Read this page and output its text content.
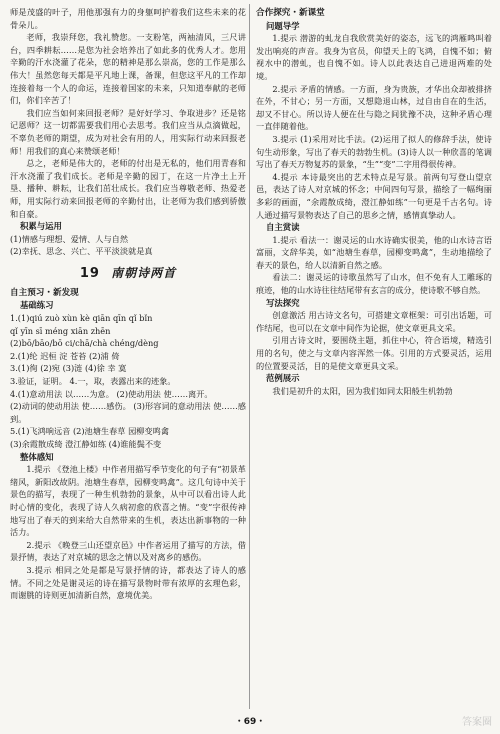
师是茂盛的叶子，用他那强有力的身躯呵护着我们这些未来的花骨朵儿。

老师，我崇拜您，我礼赞您。一支粉笔，两袖清风，三尺讲台，四季耕耘……是您为社会培养出了如此多的优秀人才。您用辛勤的汗水浇灌了花朵，您的精神是那么崇高，您的工作是那么伟大！虽然您每天都是平凡地上课，备课，但您这平凡的工作却连接着每一个人的命运，连接着国家的未来，只知道奉献的老师们，你们辛苦了！

我们应当如何来回报老师？是好好学习、争取进步？还是铭记恩师？这一切都需要我们用心去思考。我们应当从点滴做起，不辜负老师的期望，成为对社会有用的人，用实际行动来回报老师！用我们的真心来赞颂老师！

总之，老师是伟大的，老师的付出是无私的，他们用青春和汗水浇灌了我们成长。老师是辛勤的园丁，在这一片净土上开垦、播种、耕耘，让我们茁壮成长。我们应当尊敬老师、热爱老师，用实际行动来回报老师的辛勤付出，让老师为我们感到骄傲和自豪。

积累与运用

(1)情感与理想、爱情、人与自然

(2)幸抚、思念、兴亡、平平淡淡就是真

19 南朝诗两首
自主预习・新发现
基础练习

1.(1)qiú zuò xùn kè qiān qīn qǐ bǐn

qǐ yīn sī méng xiān zhēn

(2)bō/bāo/bō ci/chā/chà chéng/dèng

2.(1)纶 迟桓 淀 苍苔 (2)浦 倚

3.(1)徇 (2)宛 (3)涟 (4)徐 幸 寞

3.验证，证明。 4.一，取，表露出来的迹象。

4.(1)意动用法 以……为意。 (2)使动用法 使……离开。

(2)动词的使动用法 使……感伤。 (3)形容词的意动用法 使……感到。

5.(1)飞鸿响远音 (2)池塘生春草 园柳变鸣禽

(3)余霞散成绮 澄江静如练 (4)谁能鬓不变

整体感知

1.提示 《登池上楼》中作者用描写季节变化的句子有“初景革绪风，新阳改故阴。池塘生春草，园柳变鸣禽”。这几句诗中关于景色的描写，表现了一种生机勃勃的景象，从中可以看出诗人此时心情的变化，表现了诗人久病初愈的欣喜之情。“变”字很传神地写出了春天的到来给大自然带来的生机，表达出新事物的一种活力。

2.提示 《晚登三山还望京邑》中作者运用了描写的方法，借景抒情，表达了对京城的思念之情以及对离乡的感伤。

3.提示 相同之处是都是写景抒情的诗，都表达了诗人的感情。不同之处是谢灵运的诗在描写景物时带有浓厚的玄理色彩，而谢朓的诗则更加清新自然，意境优美。

合作探究・新课堂
问题导学

1.提示 潜游的虬龙自我欣赏美好的姿态，远飞的鸿雁鸣叫着发出响亮的声音。我身为官员，仰望天上的飞鸿，自愧不如；俯视水中的潜虬，也自愧不如。诗人以此表达自己进退两难的处境。

2.提示 矛盾的情感。一方面，身为贵族，才华出众却被排挤在外，不甘心；另一方面，又想隐退山林，过自由自在的生活，却又不甘心。所以诗人便在仕与隐之间犹豫不决，这种矛盾心理一直伴随着他。

3.提示 (1)采用对比手法。(2)运用了拟人的修辞手法，使诗句生动形象，写出了春天的勃勃生机。(3)诗人以一种欣喜的笔调写出了春天万物复苏的景象，“生”“变”二字用得很传神。

4.提示 本诗最突出的艺术特点是写景。前两句写登山望京邑，表达了诗人对京城的怀念；中间四句写景，描绘了一幅绚丽多彩的画面，“余霞散成绮，澄江静如练”一句更是千古名句。诗人通过描写景物表达了自己的思乡之情，感情真挚动人。

自主赏读

1.提示 看法一：谢灵运的山水诗确实很美，他的山水诗言语富丽，文辞华美，如“池塘生春草，园柳变鸣禽”，生动地描绘了春天的景色，给人以清新自然之感。

看法二：谢灵运的诗歌虽然写了山水，但不免有人工雕琢的痕迹，他的山水诗往往结尾带有玄言的成分，使诗歌不够自然。

写法探究

创意激活 用古诗文名句，可搭建文章框架：可引出话题，可作结尾，也可以在文章中间作为论据，使文章更具文采。

引用古诗文时，要围绕主题，抓住中心，符合语境，精选引用的名句，使之与文章内容浑然一体。引用的方式要灵活，运用的位置要灵活，目的是使文章更具文采。

范例展示

我们是初升的太阳，因为我们如同太阳般生机勃勃

・69・	答案圈
